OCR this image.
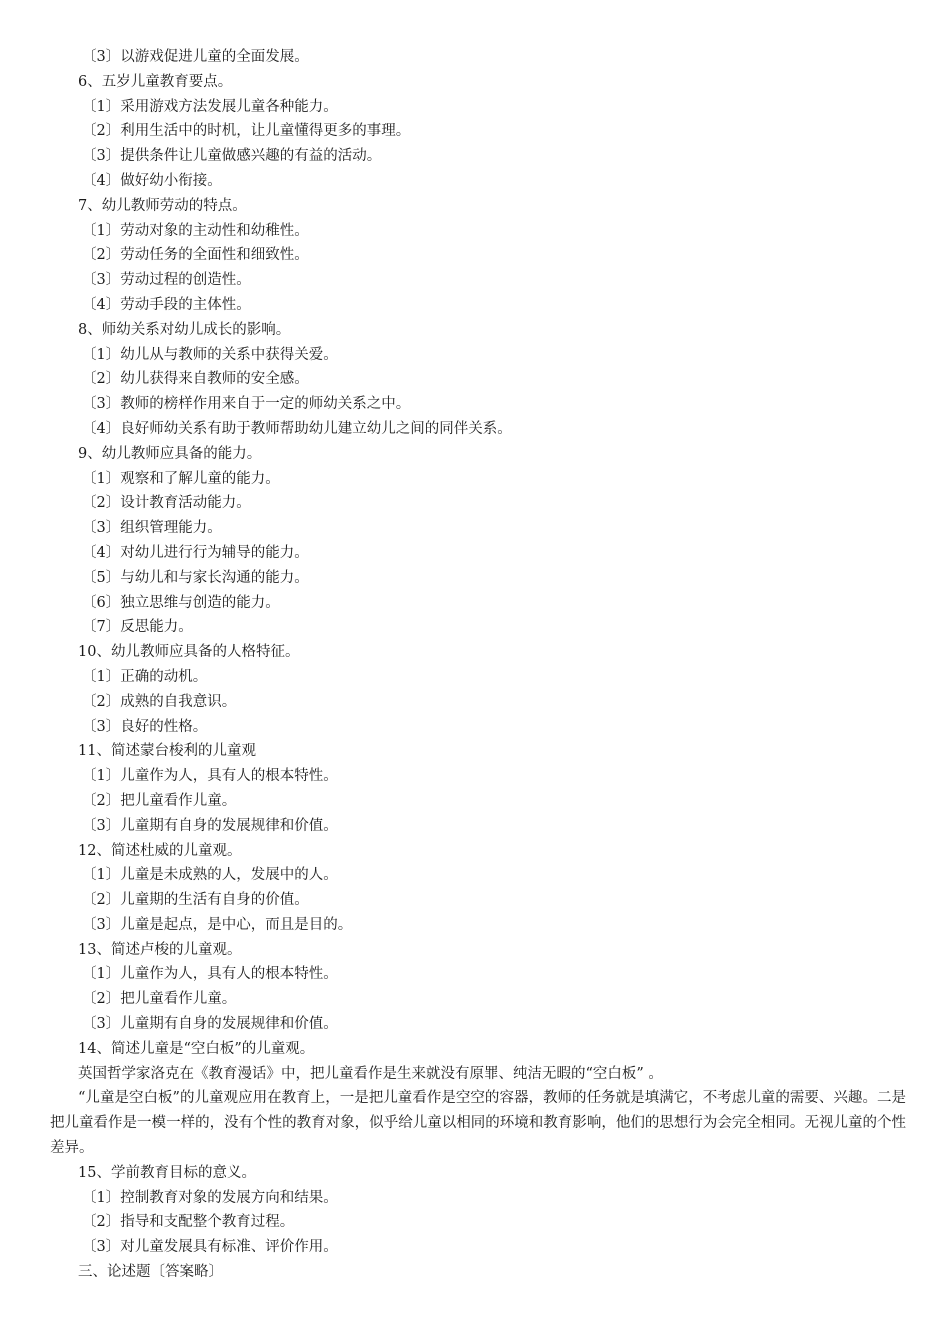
〔3〕以游戏促进儿童的全面发展。
6、五岁儿童教育要点。
〔1〕采用游戏方法发展儿童各种能力。
〔2〕利用生活中的时机，让儿童懂得更多的事理。
〔3〕提供条件让儿童做感兴趣的有益的活动。
〔4〕做好幼小衔接。
7、幼儿教师劳动的特点。
〔1〕劳动对象的主动性和幼稚性。
〔2〕劳动任务的全面性和细致性。
〔3〕劳动过程的创造性。
〔4〕劳动手段的主体性。
8、师幼关系对幼儿成长的影响。
〔1〕幼儿从与教师的关系中获得关爱。
〔2〕幼儿获得来自教师的安全感。
〔3〕教师的榜样作用来自于一定的师幼关系之中。
〔4〕良好师幼关系有助于教师帮助幼儿建立幼儿之间的同伴关系。
9、幼儿教师应具备的能力。
〔1〕观察和了解儿童的能力。
〔2〕设计教育活动能力。
〔3〕组织管理能力。
〔4〕对幼儿进行行为辅导的能力。
〔5〕与幼儿和与家长沟通的能力。
〔6〕独立思维与创造的能力。
〔7〕反思能力。
10、幼儿教师应具备的人格特征。
〔1〕正确的动机。
〔2〕成熟的自我意识。
〔3〕良好的性格。
11、简述蒙台梭利的儿童观
〔1〕儿童作为人，具有人的根本特性。
〔2〕把儿童看作儿童。
〔3〕儿童期有自身的发展规律和价值。
12、简述杜威的儿童观。
〔1〕儿童是未成熟的人，发展中的人。
〔2〕儿童期的生活有自身的价值。
〔3〕儿童是起点，是中心，而且是目的。
13、简述卢梭的儿童观。
〔1〕儿童作为人，具有人的根本特性。
〔2〕把儿童看作儿童。
〔3〕儿童期有自身的发展规律和价值。
14、简述儿童是“空白板”的儿童观。
英国哲学家洛克在《教育漫话》中，把儿童看作是生来就没有原罪、纯洁无暇的“空白板” 。
“儿童是空白板”的儿童观应用在教育上，一是把儿童看作是空空的容器，教师的任务就是填满它，不考虑儿童的需要、兴趣。二是把儿童看作是一模一样的，没有个性的教育对象，似乎给儿童以相同的环境和教育影响，他们的思想行为会完全相同。无视儿童的个性差异。
15、学前教育目标的意义。
〔1〕控制教育对象的发展方向和结果。
〔2〕指导和支配整个教育过程。
〔3〕对儿童发展具有标准、评价作用。
三、论述题〔答案略〕
